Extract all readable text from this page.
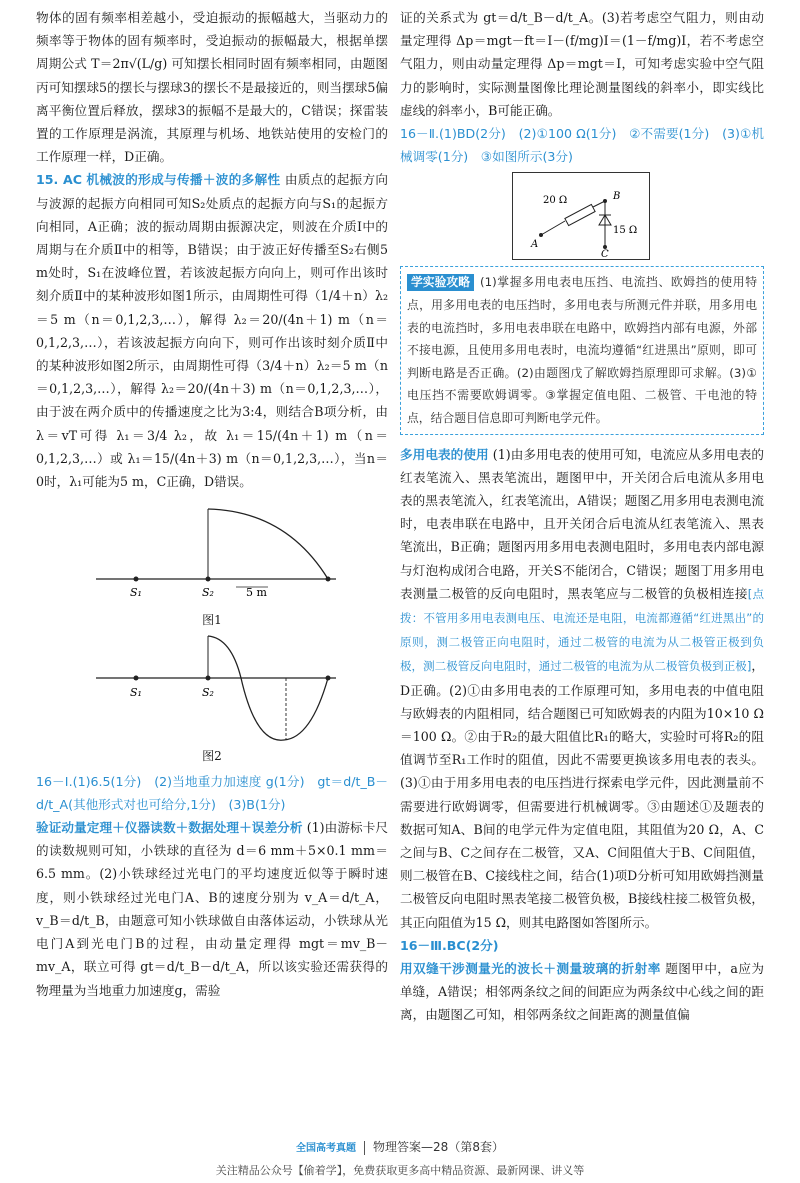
物体的固有频率相差越小，受迫振动的振幅越大，当驱动力的频率等于物体的固有频率时，受迫振动的振幅最大，根据单摆周期公式 T＝2π√(L/g) 可知摆长相同时固有频率相同，由题图丙可知摆球5的摆长与摆球3的摆长不是最接近的，则当摆球5偏离平衡位置后释放，摆球3的振幅不是最大的，C错误；探雷装置的工作原理是涡流，其原理与机场、地铁站使用的安检门的工作原理一样，D正确。

15. AC 机械波的形成与传播＋波的多解性 由质点的起振方向与波源的起振方向相同可知S₂处质点的起振方向与S₁的起振方向相同，A正确；波的振动周期由振源决定，则波在介质Ⅰ中的周期与在介质Ⅱ中的相等，B错误；由于波正好传播至S₂右侧5 m处时，S₁在波峰位置，若该波起振方向向上，则可作出该时刻介质Ⅱ中的某种波形如图1所示，由周期性可得（1/4＋n）λ₂＝5 m（n＝0,1,2,3,…），解得 λ₂＝20/(4n＋1) m（n＝0,1,2,3,…），若该波起振方向向下，则可作出该时刻介质Ⅱ中的某种波形如图2所示，由周期性可得（3/4＋n）λ₂＝5 m（n＝0,1,2,3,…），解得 λ₂＝20/(4n＋3) m（n＝0,1,2,3,…），由于波在两介质中的传播速度之比为3:4，则结合B项分析，由λ＝vT可得 λ₁＝3/4 λ₂，故 λ₁＝15/(4n＋1) m（n＝0,1,2,3,…）或 λ₁＝15/(4n＋3) m（n＝0,1,2,3,…），当n＝0时，λ₁可能为5 m，C正确，D错误。

S₁	S₂	5 m
图1
S₁	S₂
图2

16－Ⅰ.(1)6.5(1分)　(2)当地重力加速度 g(1分)　gt＝d/t_B－d/t_A(其他形式对也可给分,1分)　(3)B(1分)

验证动量定理＋仪器读数＋数据处理＋误差分析 (1)由游标卡尺的读数规则可知，小铁球的直径为 d＝6 mm＋5×0.1 mm＝6.5 mm。(2)小铁球经过光电门的平均速度近似等于瞬时速度，则小铁球经过光电门A、B的速度分别为 v_A＝d/t_A，v_B＝d/t_B，由题意可知小铁球做自由落体运动，小铁球从光电门A到光电门B的过程，由动量定理得 mgt＝mv_B－mv_A，联立可得 gt＝d/t_B－d/t_A，所以该实验还需获得的物理量为当地重力加速度g，需验

证的关系式为 gt＝d/t_B－d/t_A。(3)若考虑空气阻力，则由动量定理得 Δp＝mgt－ft＝I－(f/mg)I＝(1－f/mg)I，若不考虑空气阻力，则由动量定理得 Δp＝mgt＝I，可知考虑实验中空气阻力的影响时，实际测量图像比理论测量图线的斜率小，即实线比虚线的斜率小，B可能正确。

16－Ⅱ.(1)BD(2分)　(2)①100 Ω(1分)　②不需要(1分)　(3)①机械调零(1分)　③如图所示(3分)

20 Ω	B
A
15 Ω
C
学实验攻略 (1)掌握多用电表电压挡、电流挡、欧姆挡的使用特点，用多用电表的电压挡时，多用电表与所测元件并联，用多用电表的电流挡时，多用电表串联在电路中，欧姆挡内部有电源，外部不接电源，且使用多用电表时，电流均遵循“红进黑出”原则，即可判断电路是否正确。(2)由题图戊了解欧姆挡原理即可求解。(3)①电压挡不需要欧姆调零。③掌握定值电阻、二极管、干电池的特点，结合题目信息即可判断电学元件。

多用电表的使用 (1)由多用电表的使用可知，电流应从多用电表的红表笔流入、黑表笔流出，题图甲中，开关闭合后电流从多用电表的黑表笔流入，红表笔流出，A错误；题图乙用多用电表测电流时，电表串联在电路中，且开关闭合后电流从红表笔流入、黑表笔流出，B正确；题图丙用多用电表测电阻时，多用电表内部电源与灯泡构成闭合电路，开关S不能闭合，C错误；题图丁用多用电表测量二极管的反向电阻时，黑表笔应与二极管的负极相连接[点拨：不管用多用电表测电压、电流还是电阻，电流都遵循“红进黑出”的原则，测二极管正向电阻时，通过二极管的电流为从二极管正极到负极，测二极管反向电阻时，通过二极管的电流为从二极管负极到正极]，D正确。(2)①由多用电表的工作原理可知，多用电表的中值电阻与欧姆表的内阻相同，结合题图已可知欧姆表的内阻为10×10 Ω＝100 Ω。②由于R₂的最大阻值比R₁的略大，实验时可将R₂的阻值调节至R₁工作时的阻值，因此不需要更换该多用电表的表头。(3)①由于用多用电表的电压挡进行探索电学元件，因此测量前不需要进行欧姆调零，但需要进行机械调零。③由题述①及题表的数据可知A、B间的电学元件为定值电阻，其阻值为20 Ω，A、C之间与B、C之间存在二极管，又A、C间阻值大于B、C间阻值，则二极管在B、C接线柱之间，结合(1)项D分析可知用欧姆挡测量二极管反向电阻时黑表笔接二极管负极，B接线柱接二极管负极，其正向阻值为15 Ω，则其电路图如答图所示。

16－Ⅲ.BC(2分)

用双缝干涉测量光的波长＋测量玻璃的折射率 题图甲中，a应为单缝，A错误；相邻两条纹之间的间距应为两条纹中心线之间的距离，由题图乙可知，相邻两条纹之间距离的测量值偏

全国高考真题 物理答案—28（第8套）
关注精品公众号【偷着学】，免费获取更多高中精品资源、最新网课、讲义等
